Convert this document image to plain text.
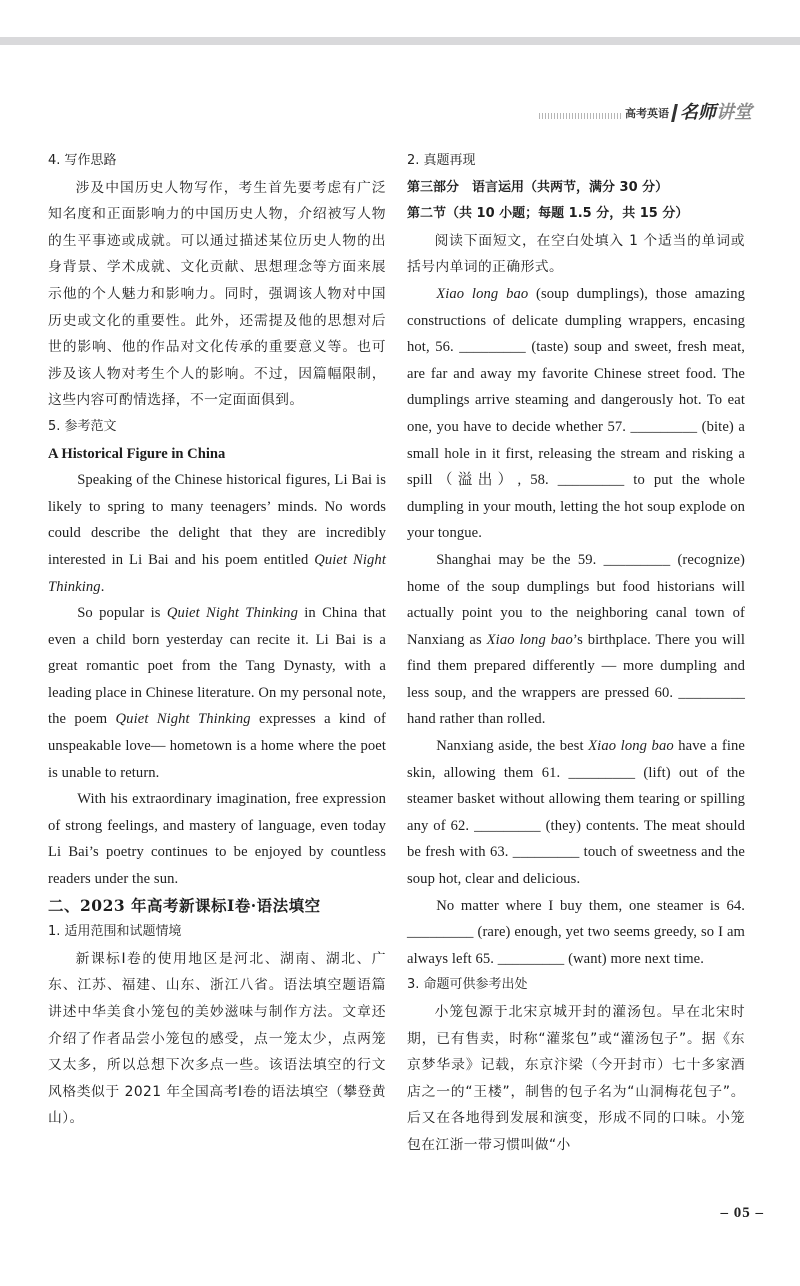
高考英语 名师讲堂

4. 写作思路

涉及中国历史人物写作，考生首先要考虑有广泛知名度和正面影响力的中国历史人物，介绍被写人物的生平事迹或成就。可以通过描述某位历史人物的出身背景、学术成就、文化贡献、思想理念等方面来展示他的个人魅力和影响力。同时，强调该人物对中国历史或文化的重要性。此外，还需提及他的思想对后世的影响、他的作品对文化传承的重要意义等。也可涉及该人物对考生个人的影响。不过，因篇幅限制，这些内容可酌情选择，不一定面面俱到。

5. 参考范文

A Historical Figure in China

Speaking of the Chinese historical figures, Li Bai is likely to spring to many teenagers’ minds. No words could describe the delight that they are incredibly interested in Li Bai and his poem entitled Quiet Night Thinking.

So popular is Quiet Night Thinking in China that even a child born yesterday can recite it. Li Bai is a great romantic poet from the Tang Dynasty, with a leading place in Chinese literature. On my personal note, the poem Quiet Night Thinking expresses a kind of unspeakable love— hometown is a home where the poet is unable to return.

With his extraordinary imagination, free expression of strong feelings, and mastery of language, even today Li Bai’s poetry continues to be enjoyed by countless readers under the sun.

二、2023 年高考新课标Ⅰ卷·语法填空

1. 适用范围和试题情境

新课标Ⅰ卷的使用地区是河北、湖南、湖北、广东、江苏、福建、山东、浙江八省。语法填空题语篇讲述中华美食小笼包的美妙滋味与制作方法。文章还介绍了作者品尝小笼包的感受，点一笼太少，点两笼又太多，所以总想下次多点一些。该语法填空的行文风格类似于 2021 年全国高考Ⅰ卷的语法填空（攀登黄山）。

2. 真题再现

第三部分　语言运用（共两节，满分 30 分）

第二节（共 10 小题；每题 1.5 分，共 15 分）

阅读下面短文，在空白处填入 1 个适当的单词或括号内单词的正确形式。

Xiao long bao (soup dumplings), those amazing constructions of delicate dumpling wrappers, encasing hot, 56. _________ (taste) soup and sweet, fresh meat, are far and away my favorite Chinese street food. The dumplings arrive steaming and dangerously hot. To eat one, you have to decide whether 57. _________ (bite) a small hole in it first, releasing the stream and risking a spill（溢出）, 58. _________ to put the whole dumpling in your mouth, letting the hot soup explode on your tongue.

Shanghai may be the 59. _________ (recognize) home of the soup dumplings but food historians will actually point you to the neighboring canal town of Nanxiang as Xiao long bao’s birthplace. There you will find them prepared differently — more dumpling and less soup, and the wrappers are pressed 60. _________ hand rather than rolled.

Nanxiang aside, the best Xiao long bao have a fine skin, allowing them 61. _________ (lift) out of the steamer basket without allowing them tearing or spilling any of 62. _________ (they) contents. The meat should be fresh with 63. _________ touch of sweetness and the soup hot, clear and delicious.

No matter where I buy them, one steamer is 64. _________ (rare) enough, yet two seems greedy, so I am always left 65. _________ (want) more next time.

3. 命题可供参考出处

小笼包源于北宋京城开封的灌汤包。早在北宋时期，已有售卖，时称“灌浆包”或“灌汤包子”。据《东京梦华录》记载，东京汴梁（今开封市）七十多家酒店之一的“王楼”，制售的包子名为“山洞梅花包子”。后又在各地得到发展和演变，形成不同的口味。小笼包在江浙一带习惯叫做“小

– 05 –
